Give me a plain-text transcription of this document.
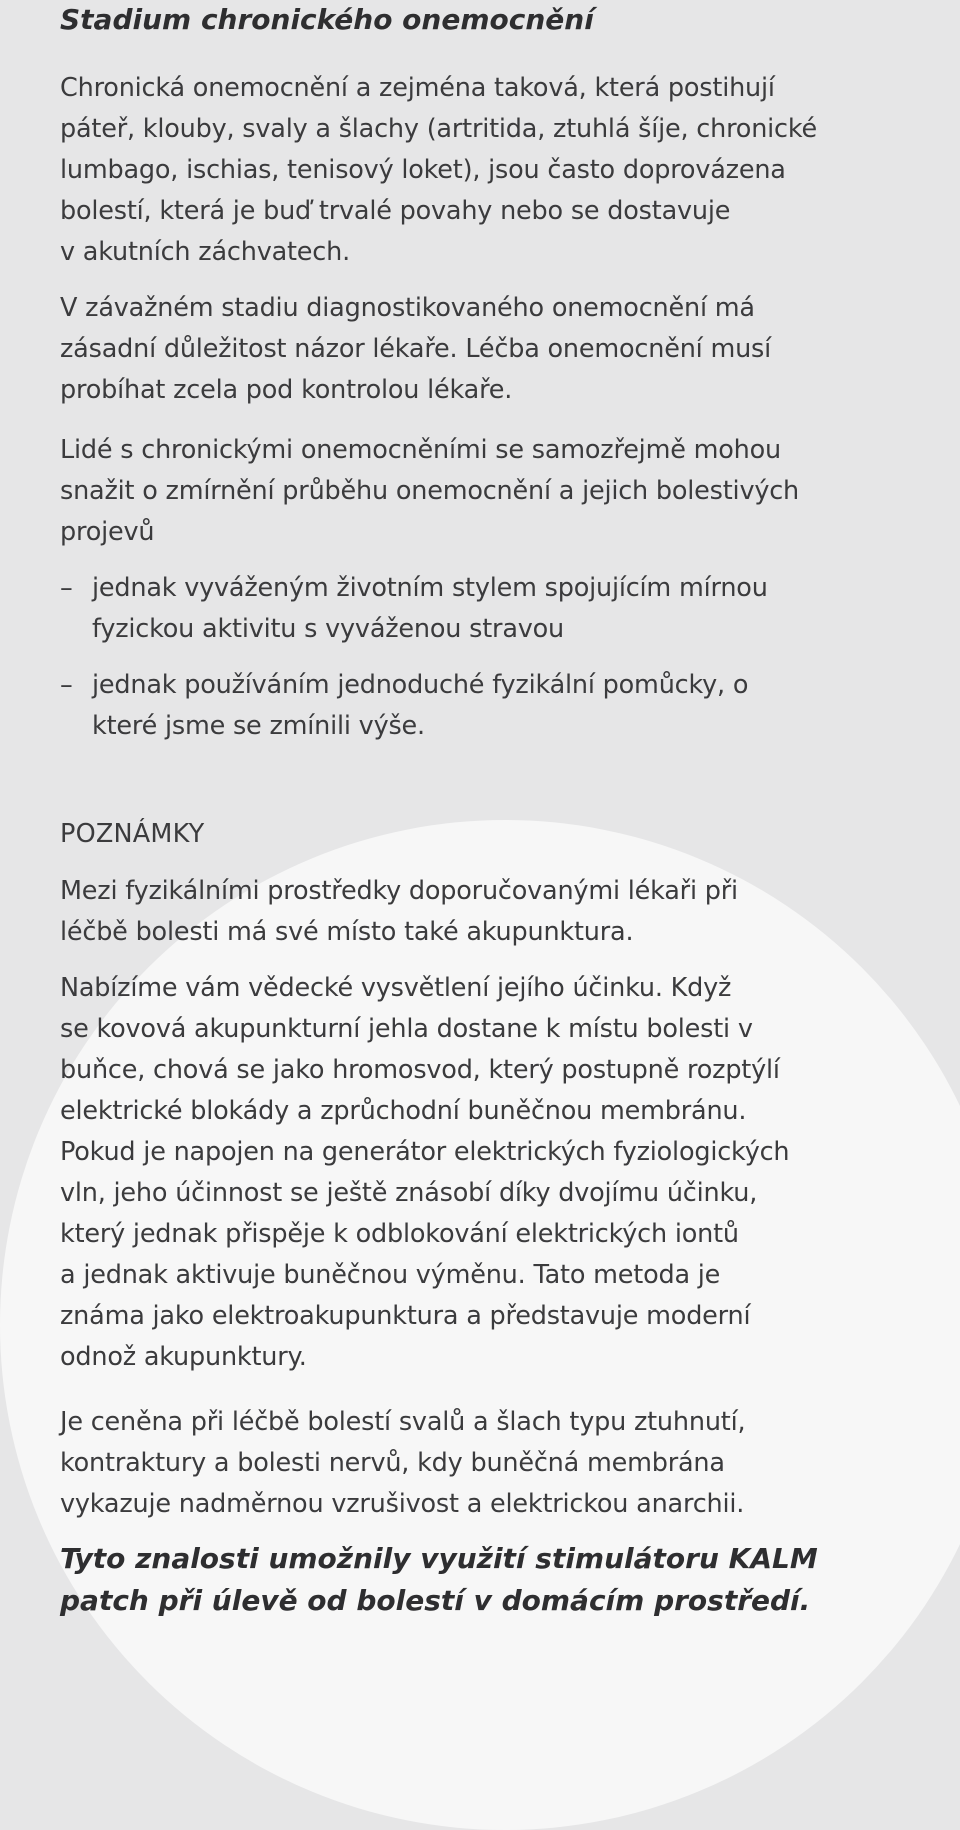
Stadium chronického onemocnění

Chronická onemocnění a zejména taková, která postihují
páteř, klouby, svaly a šlachy (artritida, ztuhlá šíje, chronické
lumbago, ischias, tenisový loket), jsou často doprovázena
bolestí, která je buď trvalé povahy nebo se dostavuje
v akutních záchvatech.

V závažném stadiu diagnostikovaného onemocnění má
zásadní důležitost názor lékaře. Léčba onemocnění musí
probíhat zcela pod kontrolou lékaře.

Lidé s chronickými onemocněními se samozřejmě mohou
snažit o zmírnění průběhu onemocnění a jejich bolestivých
projevů

– jednak vyváženým životním stylem spojujícím mírnou
fyzickou aktivitu s vyváženou stravou
– jednak používáním jednoduché fyzikální pomůcky, o
které jsme se zmínili výše.

POZNÁMKY

Mezi fyzikálními prostředky doporučovanými lékaři při
léčbě bolesti má své místo také akupunktura.

Nabízíme vám vědecké vysvětlení jejího účinku. Když
se kovová akupunkturní jehla dostane k místu bolesti v
buňce, chová se jako hromosvod, který postupně rozptýlí
elektrické blokády a zprůchodní buněčnou membránu.
Pokud je napojen na generátor elektrických fyziologických
vln, jeho účinnost se ještě znásobí díky dvojímu účinku,
který jednak přispěje k odblokování elektrických iontů
a jednak aktivuje buněčnou výměnu. Tato metoda je
známa jako elektroakupunktura a představuje moderní
odnož akupunktury.

Je ceněna při léčbě bolestí svalů a šlach typu ztuhnutí,
kontraktury a bolesti nervů, kdy buněčná membrána
vykazuje nadměrnou vzrušivost a elektrickou anarchii.

Tyto znalosti umožnily využití stimulátoru KALM
patch při úlevě od bolestí v domácím prostředí.
